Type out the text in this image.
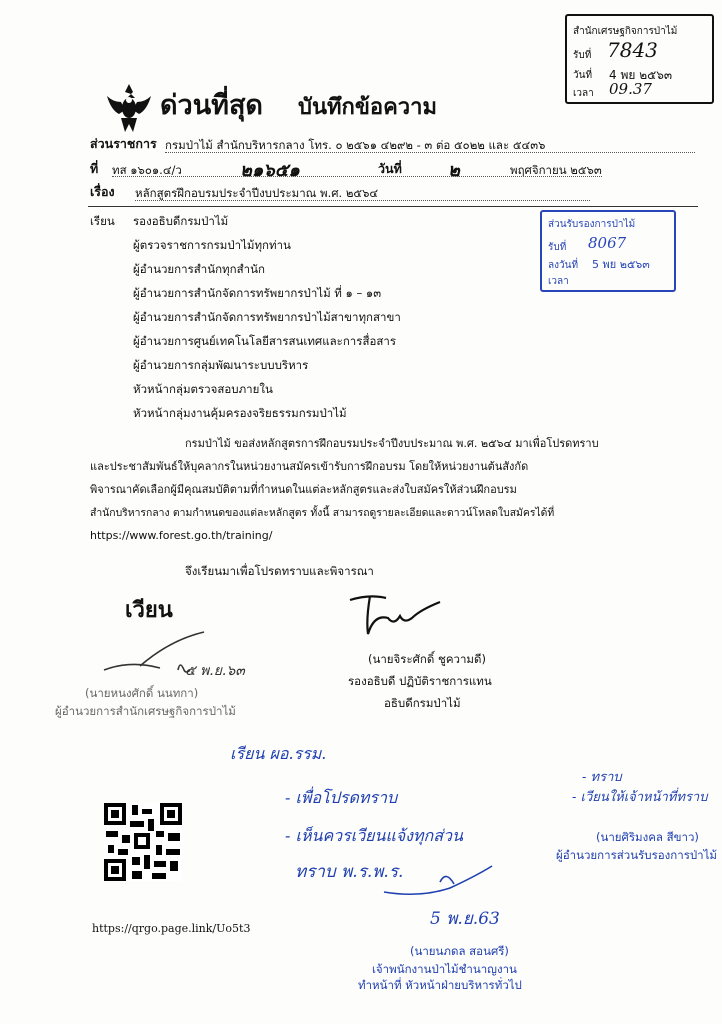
ด่วนที่สุด บันทึกข้อความ
สำนักเศรษฐกิจการป่าไม้
รับที่ 7843
วันที่ 4 พย ๒๕๖๓
เวลา 09.37
ส่วนราชการ กรมป่าไม้ สำนักบริหารกลาง โทร. ๐ ๒๕๖๑ ๔๒๙๒ - ๓ ต่อ ๕๐๒๒ และ ๕๔๓๖
ที่ ทส ๑๖๐๑.๔/ว	๒๑๖๕๑	วันที่	๒	พฤศจิกายน ๒๕๖๓
เรื่อง หลักสูตรฝึกอบรมประจำปีงบประมาณ พ.ศ. ๒๕๖๔
ส่วนรับรองการป่าไม้
รับที่ 8067
ลงวันที่ 5 พย ๒๕๖๓
เวลา
เรียน รองอธิบดีกรมป่าไม้
ผู้ตรวจราชการกรมป่าไม้ทุกท่าน
ผู้อำนวยการสำนักทุกสำนัก
ผู้อำนวยการสำนักจัดการทรัพยากรป่าไม้ ที่ ๑ – ๑๓
ผู้อำนวยการสำนักจัดการทรัพยากรป่าไม้สาขาทุกสาขา
ผู้อำนวยการศูนย์เทคโนโลยีสารสนเทศและการสื่อสาร
ผู้อำนวยการกลุ่มพัฒนาระบบบริหาร
หัวหน้ากลุ่มตรวจสอบภายใน
หัวหน้ากลุ่มงานคุ้มครองจริยธรรมกรมป่าไม้
กรมป่าไม้ ขอส่งหลักสูตรการฝึกอบรมประจำปีงบประมาณ พ.ศ. ๒๕๖๔ มาเพื่อโปรดทราบ
และประชาสัมพันธ์ให้บุคลากรในหน่วยงานสมัครเข้ารับการฝึกอบรม โดยให้หน่วยงานต้นสังกัด
พิจารณาคัดเลือกผู้มีคุณสมบัติตามที่กำหนดในแต่ละหลักสูตรและส่งใบสมัครให้ส่วนฝึกอบรม
สำนักบริหารกลาง ตามกำหนดของแต่ละหลักสูตร ทั้งนี้ สามารถดูรายละเอียดและดาวน์โหลดใบสมัครได้ที่
https://www.forest.go.th/training/
จึงเรียนมาเพื่อโปรดทราบและพิจารณา
เวียน
(นายจิระศักดิ์ ชูความดี)
รองอธิบดี ปฏิบัติราชการแทน
อธิบดีกรมป่าไม้
๕ พ.ย.๖๓
(นายหนงศักดิ์ นนทกา)
ผู้อำนวยการสำนักเศรษฐกิจการป่าไม้
เรียน ผอ.รรม.
- เพื่อโปรดทราบ
- เห็นควรเวียนแจ้งทุกส่วน
ทราบ พ.ร.พ.ร.
5 พ.ย.63
- ทราบ
- เวียนให้เจ้าหน้าที่ทราบ
(นายศิริมงคล สีขาว)
ผู้อำนวยการส่วนรับรองการป่าไม้
(นายนภดล สอนศรี)
เจ้าพนักงานป่าไม้ชำนาญงาน
ทำหน้าที่ หัวหน้าฝ่ายบริหารทั่วไป
https://qrgo.page.link/Uo5t3
